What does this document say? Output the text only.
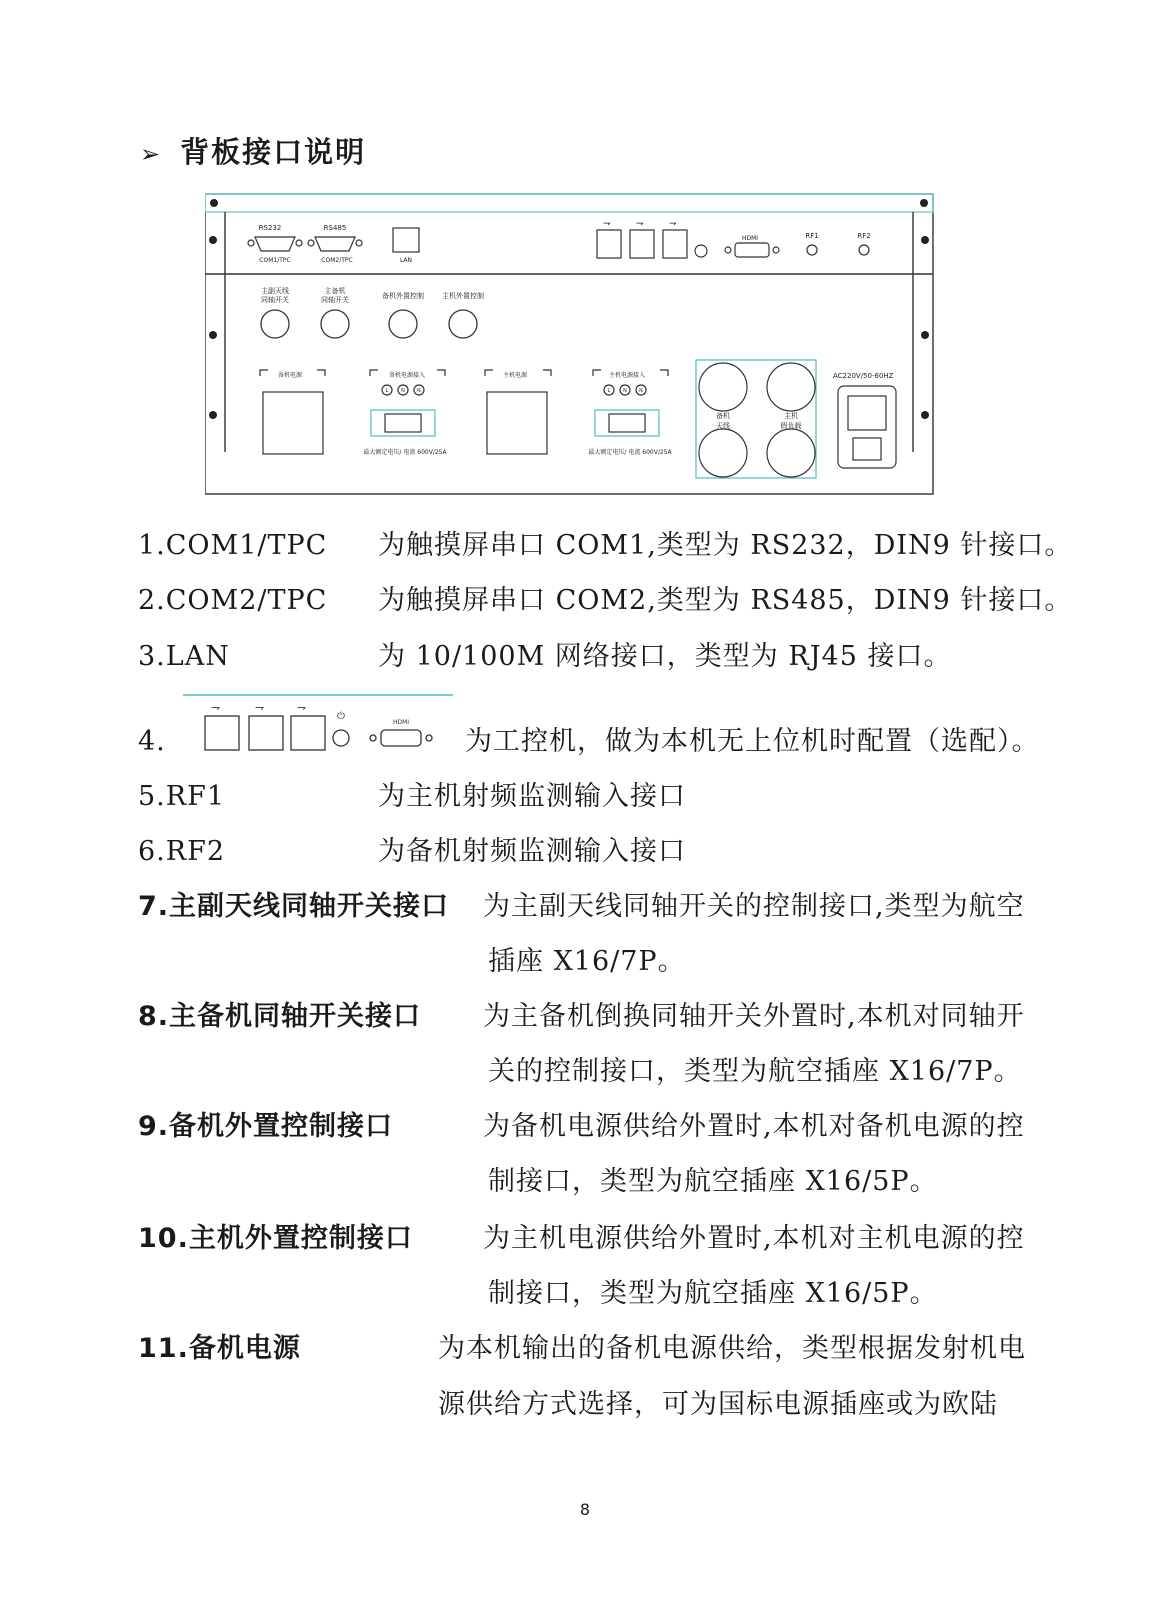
➢ 背板接口说明
RS232	RS485
COM1/TPC	COM2/TPC	LAN
HDMI	RF1	RF2
⇁	⇁	⇁
主副天线
同轴开关
主备机
同轴开关	备机外置控制	主机外置控制
备机电源	备机电源接入	主机电源	主机电源接入
L	N	PE	L	N	PE
最大额定电压/ 电流 600V/25A	最大额定电压/ 电流 600V/25A
备机
天线
主机
假负载
AC220V/50-60HZ
1.COM1/TPC 为触摸屏串口 COM1,类型为 RS232，DIN9 针接口。
2.COM2/TPC 为触摸屏串口 COM2,类型为 RS485，DIN9 针接口。
3.LAN	为 10/100M 网络接口，类型为 RJ45 接口。
⇁	⇁	⇁
⏻
HDMI
4.	为工控机，做为本机无上位机时配置（选配）。
5.RF1	为主机射频监测输入接口
6.RF2	为备机射频监测输入接口
7.主副天线同轴开关接口 为主副天线同轴开关的控制接口,类型为航空
插座 X16/7P。
8.主备机同轴开关接口 为主备机倒换同轴开关外置时,本机对同轴开
关的控制接口，类型为航空插座 X16/7P。
9.备机外置控制接口	为备机电源供给外置时,本机对备机电源的控
制接口，类型为航空插座 X16/5P。
10.主机外置控制接口	为主机电源供给外置时,本机对主机电源的控
制接口，类型为航空插座 X16/5P。
11.备机电源	为本机输出的备机电源供给，类型根据发射机电
源供给方式选择，可为国标电源插座或为欧陆
8
